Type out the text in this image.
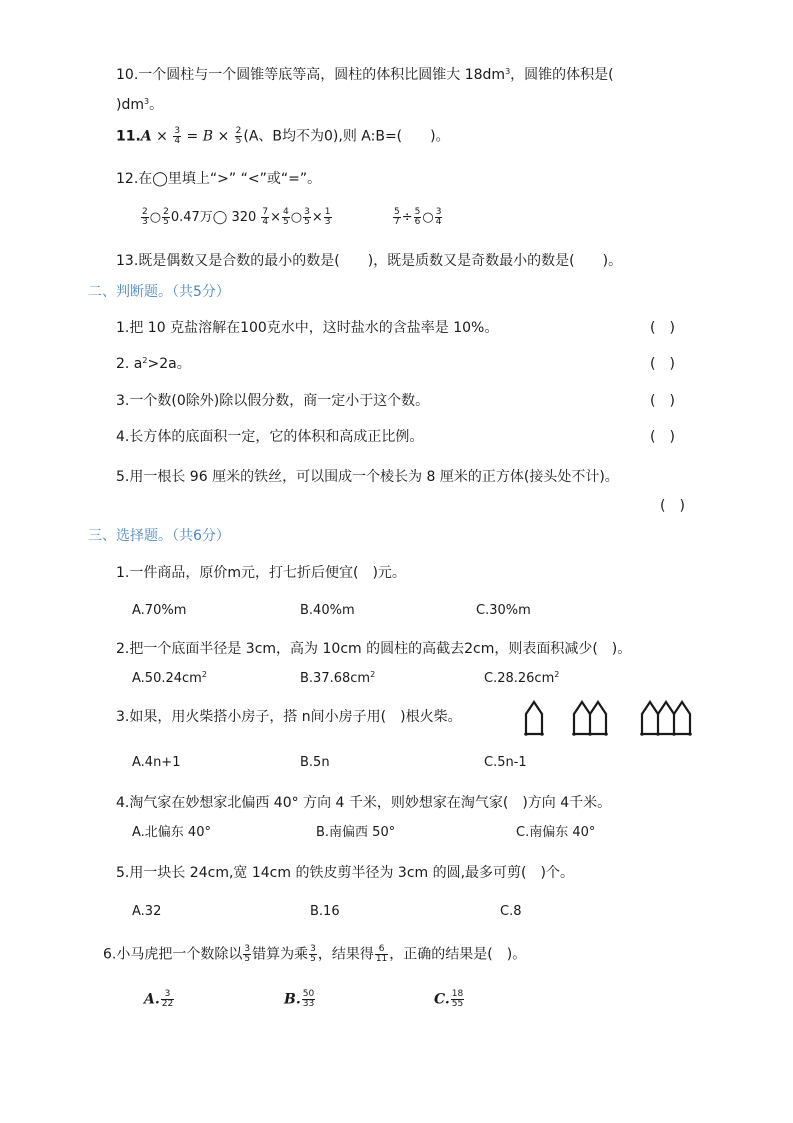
10.一个圆柱与一个圆锥等底等高，圆柱的体积比圆锥大 $18dm^3$，圆锥的体积是(
)$dm^3$。
$11.A \times \frac{3}{4} = B \times \frac{2}{5} (A$、B均不为0),则 A:B=(　　)。
12.在◯里填上“>” “<”或“=”。
$\frac{2}{3}$ ○ $\frac{2}{5} 0.47$万◯ $320 \frac{7}{4} \times \frac{4}{5}$ ○ $\frac{3}{5} \times \frac{1}{3}$	$\frac{5}{7} \div \frac{5}{6}$ ○ $\frac{3}{4}$
13.既是偶数又是合数的最小的数是(　　)，既是质数又是奇数最小的数是(　　)。
二、判断题。（共5分）
1.把 10 克盐溶解在100克水中，这时盐水的含盐率是 10%。	(　)
2. $a^2>2a$。	(　)
3.一个数(0除外)除以假分数，商一定小于这个数。	(　)
4.长方体的底面积一定，它的体积和高成正比例。	(　)
5.用一根长 96 厘米的铁丝，可以围成一个棱长为 8 厘米的正方体(接头处不计)。
(　)
三、选择题。（共6分）
1.一件商品，原价m元，打七折后便宜(　)元。
A.70%m	B.40%m	C.30%m
2.把一个底面半径是 3cm，高为 10cm 的圆柱的高截去2cm，则表面积减少(　)。
$A.50.24cm^2$	$B.37.68cm^2$	$C.28.26cm^2$
3.如果，用火柴搭小房子，搭 n间小房子用(　)根火柴。
A.4n+1	B.5n	C.5n-1
4.淘气家在妙想家北偏西 40° 方向 4 千米，则妙想家在淘气家(　)方向 4千米。
A.北偏东 40°	B.南偏西 50°	C.南偏东 40°
5.用一块长 24cm,宽 14cm 的铁皮剪半径为 3cm 的圆,最多可剪(　)个。
A.32	B.16	C.8
6.小马虎把一个数除以 $\frac{3}{5}$ 错算为乘 $\frac{3}{5}$ ，结果得 $\frac{6}{11}$ ，正确的结果是(　)。
A. $\frac{3}{22}$	B. $\frac{50}{33}$	C. $\frac{18}{55}$
